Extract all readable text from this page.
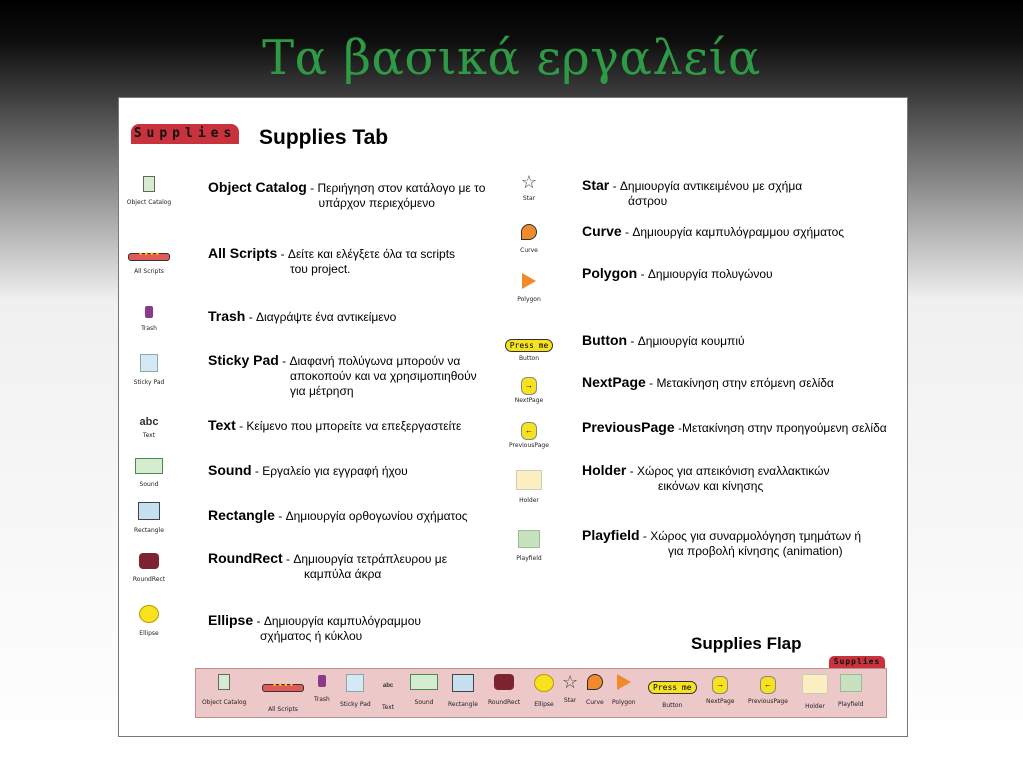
Τα βασικά εργαλεία
Supplies Supplies Tab
Object Catalog
• • • •
All Scripts
Trash
Sticky Pad
abc
Text
Sound
Rectangle
RoundRect
Ellipse
Object Catalog - Περιήγηση στον κατάλογο με το
υπάρχον περιεχόμενο
All Scripts - Δείτε και ελέγξετε όλα τα scripts
του project.
Trash - Διαγράψτε ένα αντικείμενο
Sticky Pad - Διαφανή πολύγωνα μπορούν να
αποκοπούν και να χρησιμοπιηθούν
για μέτρηση
Text - Κείμενο που μπορείτε να επεξεργαστείτε
Sound - Εργαλείο για εγγραφή ήχου
Rectangle - Δημιουργία ορθογωνίου σχήματος
RoundRect - Δημιουργία τετράπλευρου με
καμπύλα άκρα
Ellipse - Δημιουργία καμπυλόγραμμου
σχήματος ή κύκλου
☆
Star
Curve
Polygon
Press me
Button
→
NextPage
←
PreviousPage
Holder
Playfield
Star - Δημιουργία αντικειμένου με σχήμα
άστρου
Curve - Δημιουργία καμπυλόγραμμου σχήματος
Polygon - Δημιουργία πολυγώνου
Button - Δημιουργία κουμπιύ
NextPage - Μετακίνηση στην επόμενη σελίδα
PreviousPage -Μετακίνηση στην προηγούμενη σελίδα
Holder - Χώρος για απεικόνιση εναλλακτικών
εικόνων και κίνησης
Playfield - Χώρος για συναρμολόγηση τμημάτων ή
για προβολή κίνησης (animation)
Supplies Flap
Supplies
Object Catalog
• • • •
All Scripts
Trash
Sticky Pad
abc
Text
Sound	Rectangle RoundRect Ellipse
☆
Star	Curve Polygon
Press me
Button
→
NextPage
←
PreviousPage
Holder	Playfield
